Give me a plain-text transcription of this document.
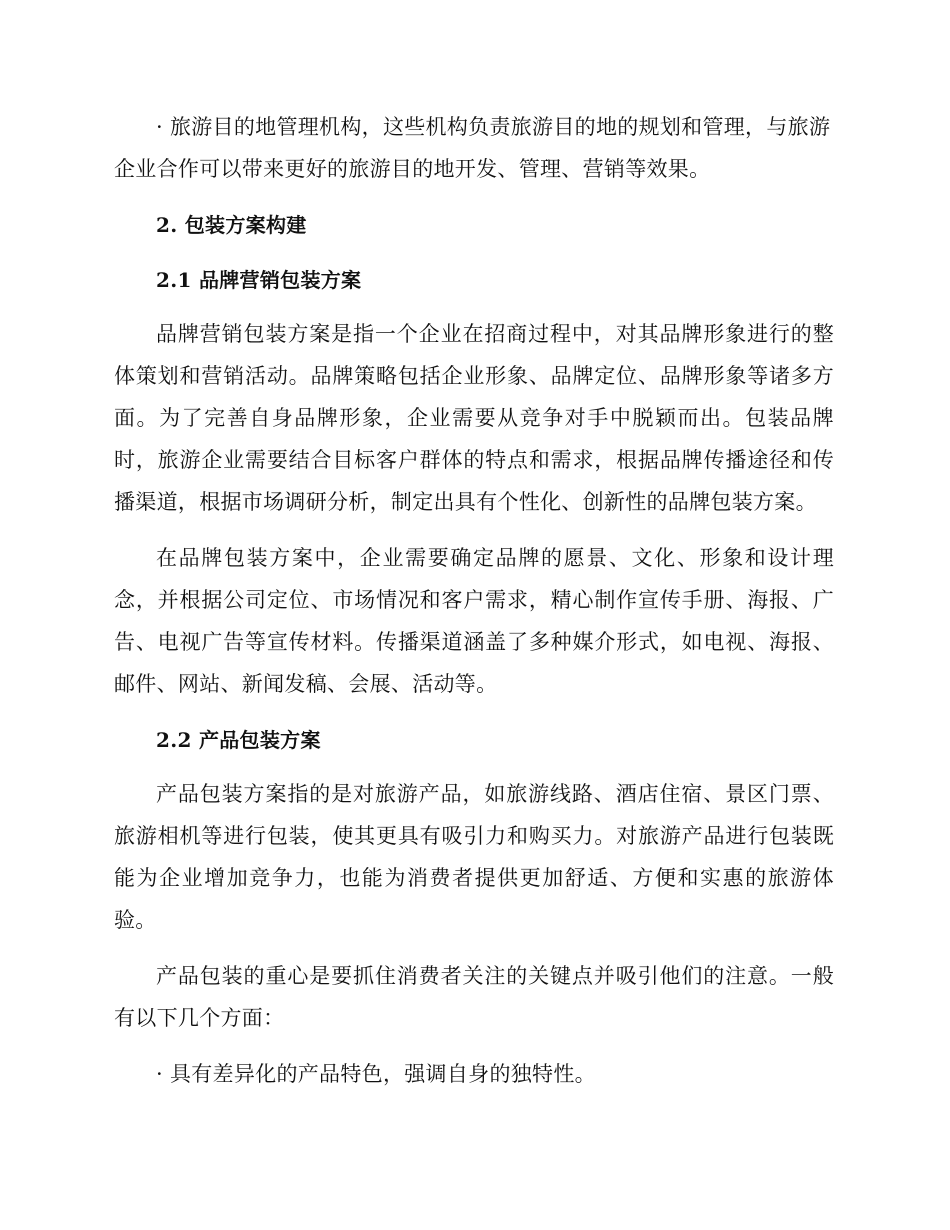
· 旅游目的地管理机构，这些机构负责旅游目的地的规划和管理，与旅游企业合作可以带来更好的旅游目的地开发、管理、营销等效果。

2. 包装方案构建

2.1 品牌营销包装方案

品牌营销包装方案是指一个企业在招商过程中，对其品牌形象进行的整体策划和营销活动。品牌策略包括企业形象、品牌定位、品牌形象等诸多方面。为了完善自身品牌形象，企业需要从竞争对手中脱颖而出。包装品牌时，旅游企业需要结合目标客户群体的特点和需求，根据品牌传播途径和传播渠道，根据市场调研分析，制定出具有个性化、创新性的品牌包装方案。

在品牌包装方案中，企业需要确定品牌的愿景、文化、形象和设计理念，并根据公司定位、市场情况和客户需求，精心制作宣传手册、海报、广告、电视广告等宣传材料。传播渠道涵盖了多种媒介形式，如电视、海报、邮件、网站、新闻发稿、会展、活动等。

2.2 产品包装方案

产品包装方案指的是对旅游产品，如旅游线路、酒店住宿、景区门票、旅游相机等进行包装，使其更具有吸引力和购买力。对旅游产品进行包装既能为企业增加竞争力，也能为消费者提供更加舒适、方便和实惠的旅游体验。

产品包装的重心是要抓住消费者关注的关键点并吸引他们的注意。一般有以下几个方面：

· 具有差异化的产品特色，强调自身的独特性。
